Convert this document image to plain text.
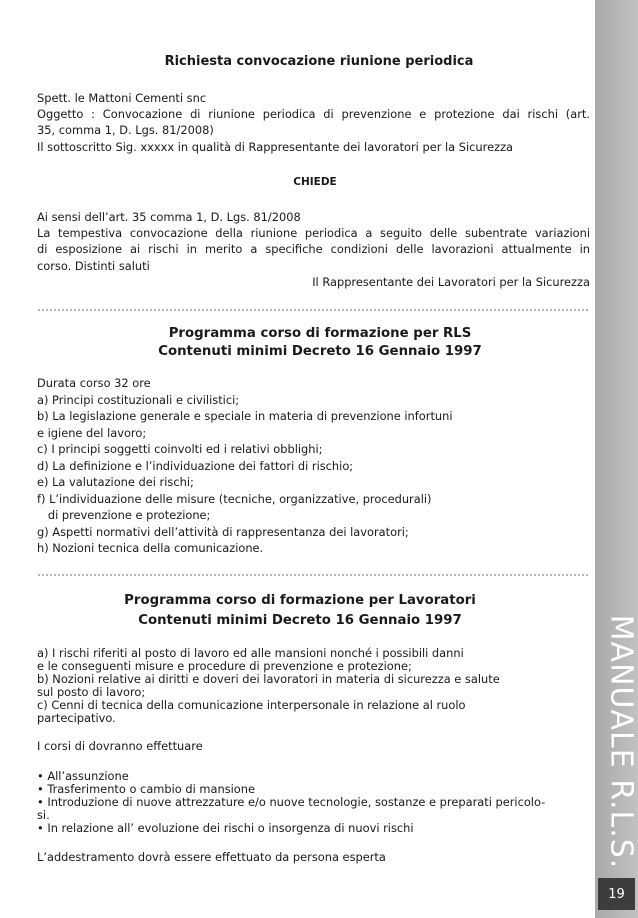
Richiesta convocazione riunione periodica
Spett. le Mattoni Cementi snc
Oggetto : Convocazione di riunione periodica di prevenzione e protezione dai rischi (art.
35, comma 1, D. Lgs. 81/2008)
Il sottoscritto Sig. xxxxx in qualità di Rappresentante dei lavoratori per la Sicurezza
CHIEDE
Ai sensi dell’art. 35 comma 1, D. Lgs. 81/2008
La tempestiva convocazione della riunione periodica a seguito delle subentrate variazioni
di esposizione ai rischi in merito a specifiche condizioni delle lavorazioni attualmente in
corso. Distinti saluti
Il Rappresentante dei Lavoratori per la Sicurezza
Programma corso di formazione per RLS
Contenuti minimi Decreto 16 Gennaio 1997
Durata corso 32 ore
a) Principi costituzionali e civilistici;
b) La legislazione generale e speciale in materia di prevenzione infortuni
e igiene del lavoro;
c) I principi soggetti coinvolti ed i relativi obblighi;
d) La definizione e l’individuazione dei fattori di rischio;
e) La valutazione dei rischi;
f) L’individuazione delle misure (tecniche, organizzative, procedurali)
di prevenzione e protezione;
g) Aspetti normativi dell’attività di rappresentanza dei lavoratori;
h) Nozioni tecnica della comunicazione.
Programma corso di formazione per Lavoratori
Contenuti minimi Decreto 16 Gennaio 1997
a) I rischi riferiti al posto di lavoro ed alle mansioni nonché i possibili danni
e le conseguenti misure e procedure di prevenzione e protezione;
b) Nozioni relative ai diritti e doveri dei lavoratori in materia di sicurezza e salute
sul posto di lavoro;
c) Cenni di tecnica della comunicazione interpersonale in relazione al ruolo
partecipativo.
I corsi di dovranno effettuare
• All’assunzione
• Trasferimento o cambio di mansione
• Introduzione di nuove attrezzature e/o nuove tecnologie, sostanze e preparati pericolo-
si.
• In relazione all’ evoluzione dei rischi o insorgenza di nuovi rischi
L’addestramento dovrà essere effettuato da persona esperta	MANUALE R.L.S.
19
